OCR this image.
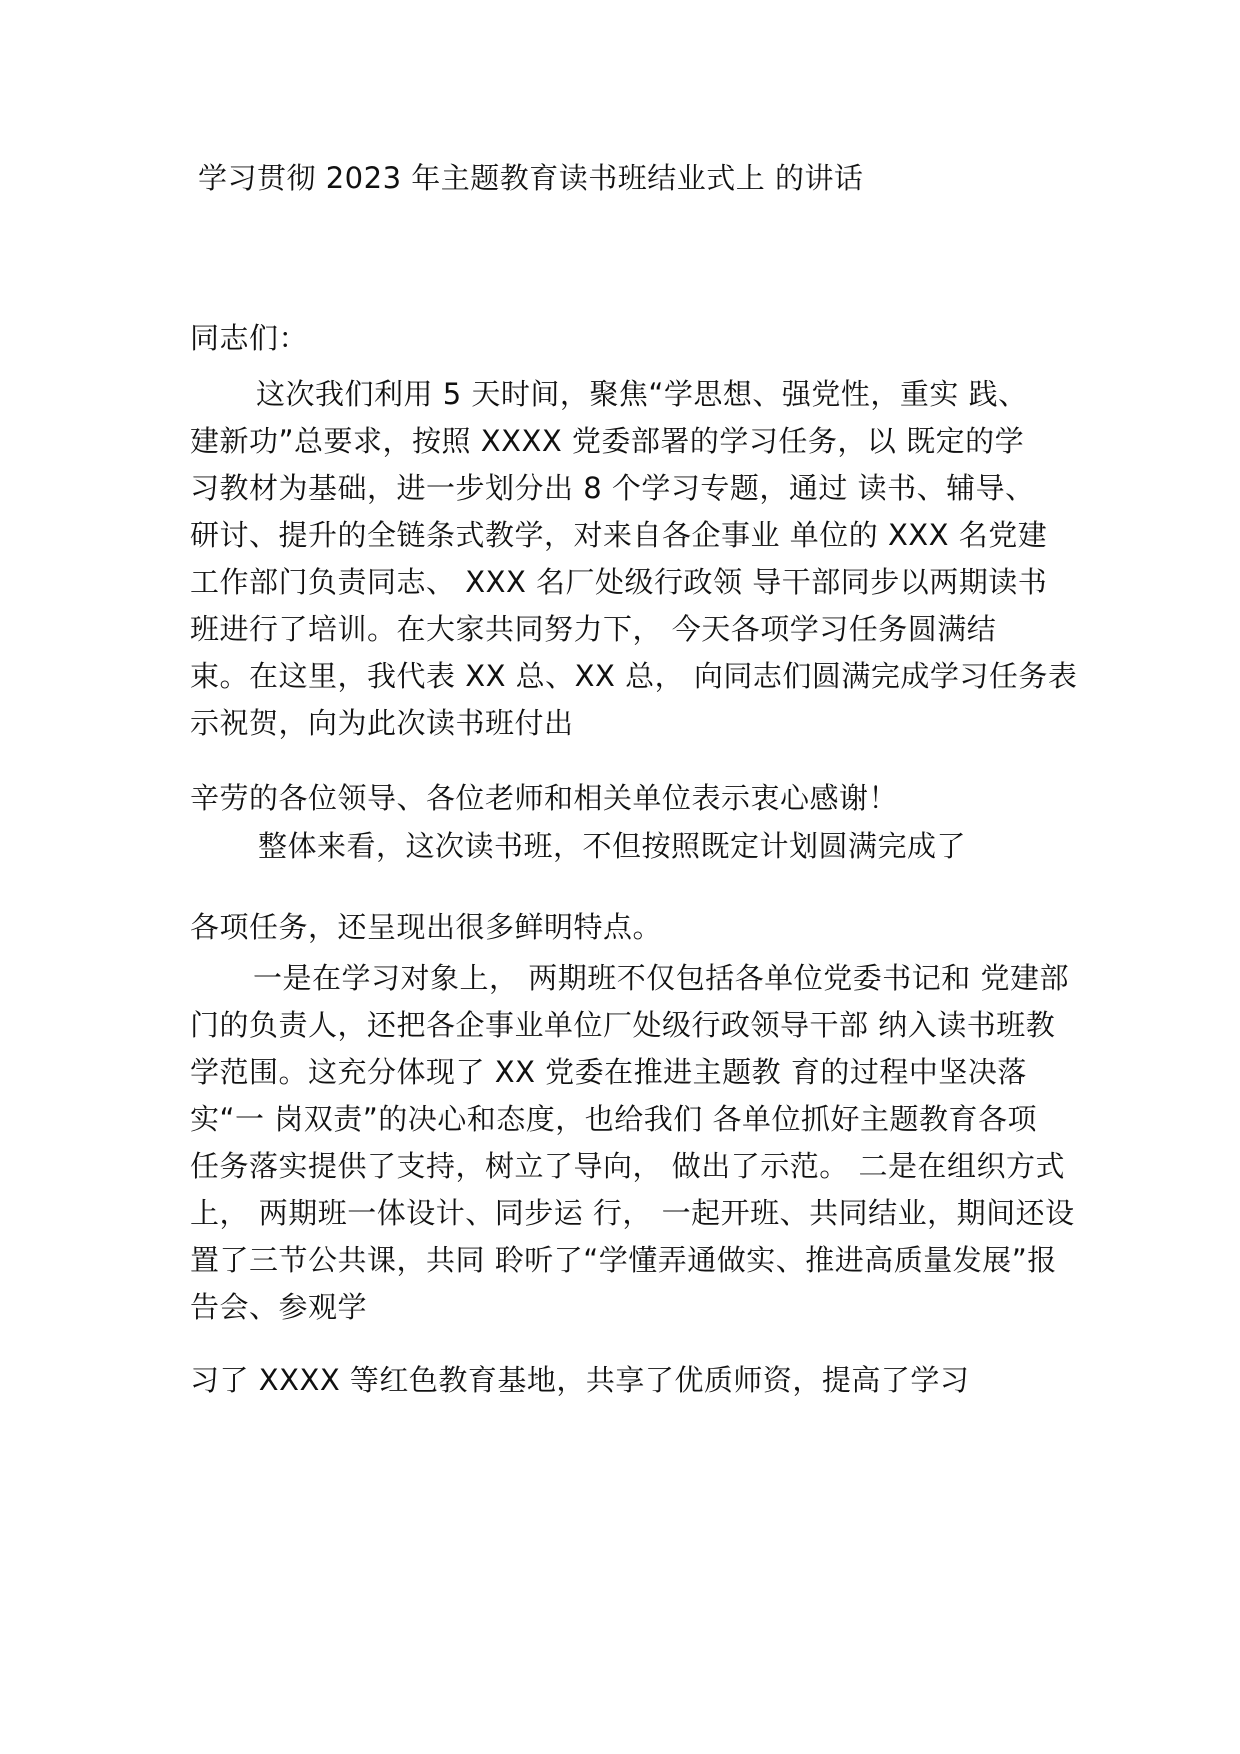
学习贯彻 2023 年主题教育读书班结业式上 的讲话
同志们：
这次我们利用 5 天时间，聚焦“学思想、强党性，重实 践、
建新功”总要求，按照 XXXX 党委部署的学习任务，以 既定的学
习教材为基础，进一步划分出 8 个学习专题，通过 读书、辅导、
研讨、提升的全链条式教学，对来自各企事业 单位的 XXX 名党建
工作部门负责同志、 XXX 名厂处级行政领 导干部同步以两期读书
班进行了培训。在大家共同努力下， 今天各项学习任务圆满结
束。在这里，我代表 XX 总、XX 总， 向同志们圆满完成学习任务表
示祝贺，向为此次读书班付出
辛劳的各位领导、各位老师和相关单位表示衷心感谢！
整体来看，这次读书班，不但按照既定计划圆满完成了
各项任务，还呈现出很多鲜明特点。
一是在学习对象上， 两期班不仅包括各单位党委书记和 党建部
门的负责人，还把各企事业单位厂处级行政领导干部 纳入读书班教
学范围。这充分体现了 XX 党委在推进主题教 育的过程中坚决落
实“一 岗双责”的决心和态度，也给我们 各单位抓好主题教育各项
任务落实提供了支持，树立了导向， 做出了示范。 二是在组织方式
上， 两期班一体设计、同步运 行， 一起开班、共同结业，期间还设
置了三节公共课，共同 聆听了“学懂弄通做实、推进高质量发展”报
告会、参观学
习了 XXXX 等红色教育基地，共享了优质师资，提高了学习
